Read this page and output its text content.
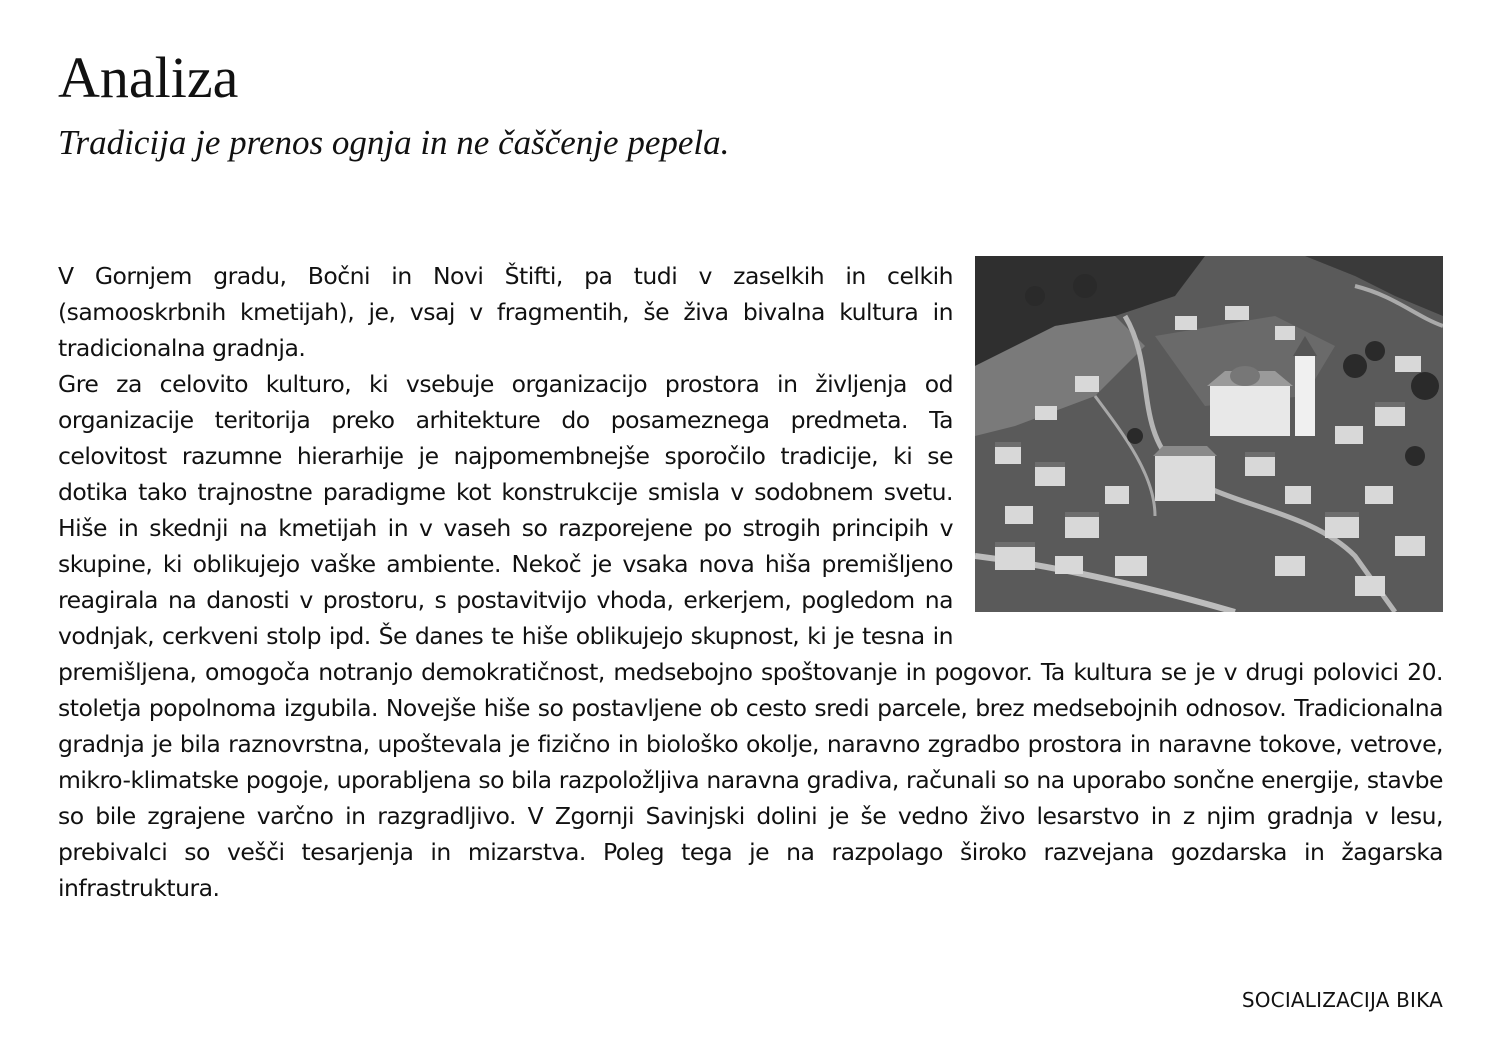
Analiza

Tradicija je prenos ognja in ne čaščenje pepela.

V Gornjem gradu, Bočni in Novi Štifti, pa tudi v zaselkih in celkih (samooskrbnih kmetijah), je, vsaj v fragmentih, še živa bivalna kultura in tradicionalna gradnja.

Gre za celovito kulturo, ki vsebuje organizacijo prostora in življenja od organizacije teritorija preko arhitekture do posameznega predmeta. Ta celovitost razumne hierarhije je najpomembnejše sporočilo tradicije, ki se dotika tako trajnostne paradigme kot konstrukcije smisla v sodobnem svetu. Hiše in skednji na kmetijah in v vaseh so razporejene po strogih principih v skupine, ki oblikujejo vaške ambiente. Nekoč je vsaka nova hiša premišljeno reagirala na danosti v prostoru, s postavitvijo vhoda, erkerjem, pogledom na vodnjak, cerkveni stolp ipd. Še danes te hiše oblikujejo skupnost, ki je tesna in premišljena, omogoča notranjo demokratičnost, medsebojno spoštovanje in pogovor. Ta kultura se je v drugi polovici 20. stoletja popolnoma izgubila. Novejše hiše so postavljene ob cesto sredi parcele, brez medsebojnih odnosov. Tradicionalna gradnja je bila raznovrstna, upoštevala je fizično in biološko okolje, naravno zgradbo prostora in naravne tokove, vetrove, mikro-klimatske pogoje, uporabljena so bila razpoložljiva naravna gradiva, računali so na uporabo sončne energije, stavbe so bile zgrajene varčno in razgradljivo. V Zgornji Savinjski dolini je še vedno živo lesarstvo in z njim gradnja v lesu, prebivalci so vešči tesarjenja in mizarstva. Poleg tega je na razpolago široko razvejana gozdarska in žagarska infrastruktura.

SOCIALIZACIJA BIKA
